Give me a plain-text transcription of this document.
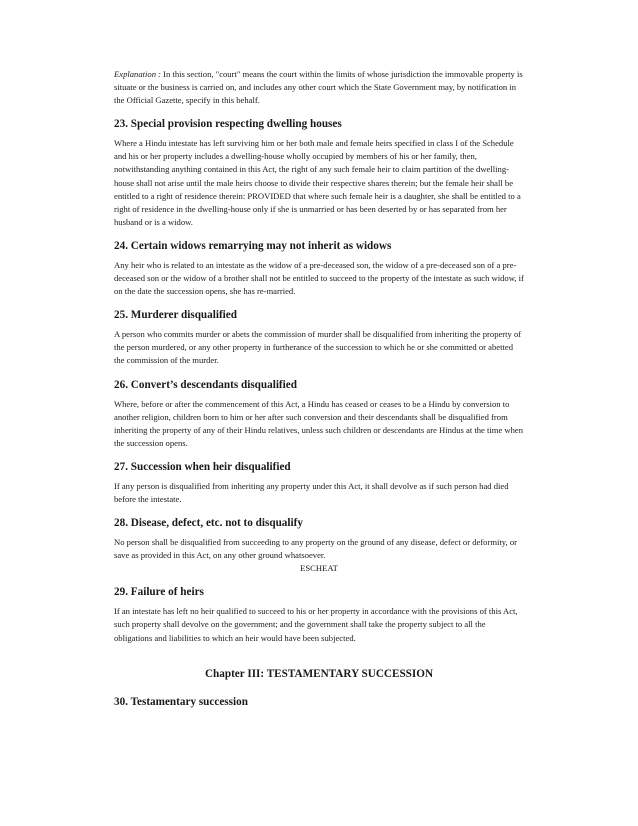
Explanation : In this section, "court" means the court within the limits of whose jurisdiction the immovable property is situate or the business is carried on, and includes any other court which the State Government may, by notification in the Official Gazette, specify in this behalf.

23. Special provision respecting dwelling houses

Where a Hindu intestate has left surviving him or her both male and female heirs specified in class I of the Schedule and his or her property includes a dwelling-house wholly occupied by members of his or her family, then, notwithstanding anything contained in this Act, the right of any such female heir to claim partition of the dwelling-house shall not arise until the male heirs choose to divide their respective shares therein; but the female heir shall be entitled to a right of residence therein: PROVIDED that where such female heir is a daughter, she shall be entitled to a right of residence in the dwelling-house only if she is unmarried or has been deserted by or has separated from her husband or is a widow.

24. Certain widows remarrying may not inherit as widows

Any heir who is related to an intestate as the widow of a pre-deceased son, the widow of a pre-deceased son of a pre-deceased son or the widow of a brother shall not be entitled to succeed to the property of the intestate as such widow, if on the date the succession opens, she has re-married.

25. Murderer disqualified

A person who commits murder or abets the commission of murder shall be disqualified from inheriting the property of the person murdered, or any other property in furtherance of the succession to which he or she committed or abetted the commission of the murder.

26. Convert’s descendants disqualified

Where, before or after the commencement of this Act, a Hindu has ceased or ceases to be a Hindu by conversion to another religion, children born to him or her after such conversion and their descendants shall be disqualified from inheriting the property of any of their Hindu relatives, unless such children or descendants are Hindus at the time when the succession opens.

27. Succession when heir disqualified

If any person is disqualified from inheriting any property under this Act, it shall devolve as if such person had died before the intestate.

28. Disease, defect, etc. not to disqualify

No person shall be disqualified from succeeding to any property on the ground of any disease, defect or deformity, or save as provided in this Act, on any other ground whatsoever.

ESCHEAT

29. Failure of heirs

If an intestate has left no heir qualified to succeed to his or her property in accordance with the provisions of this Act, such property shall devolve on the government; and the government shall take the property subject to all the obligations and liabilities to which an heir would have been subjected.

Chapter III: TESTAMENTARY SUCCESSION

30. Testamentary succession
